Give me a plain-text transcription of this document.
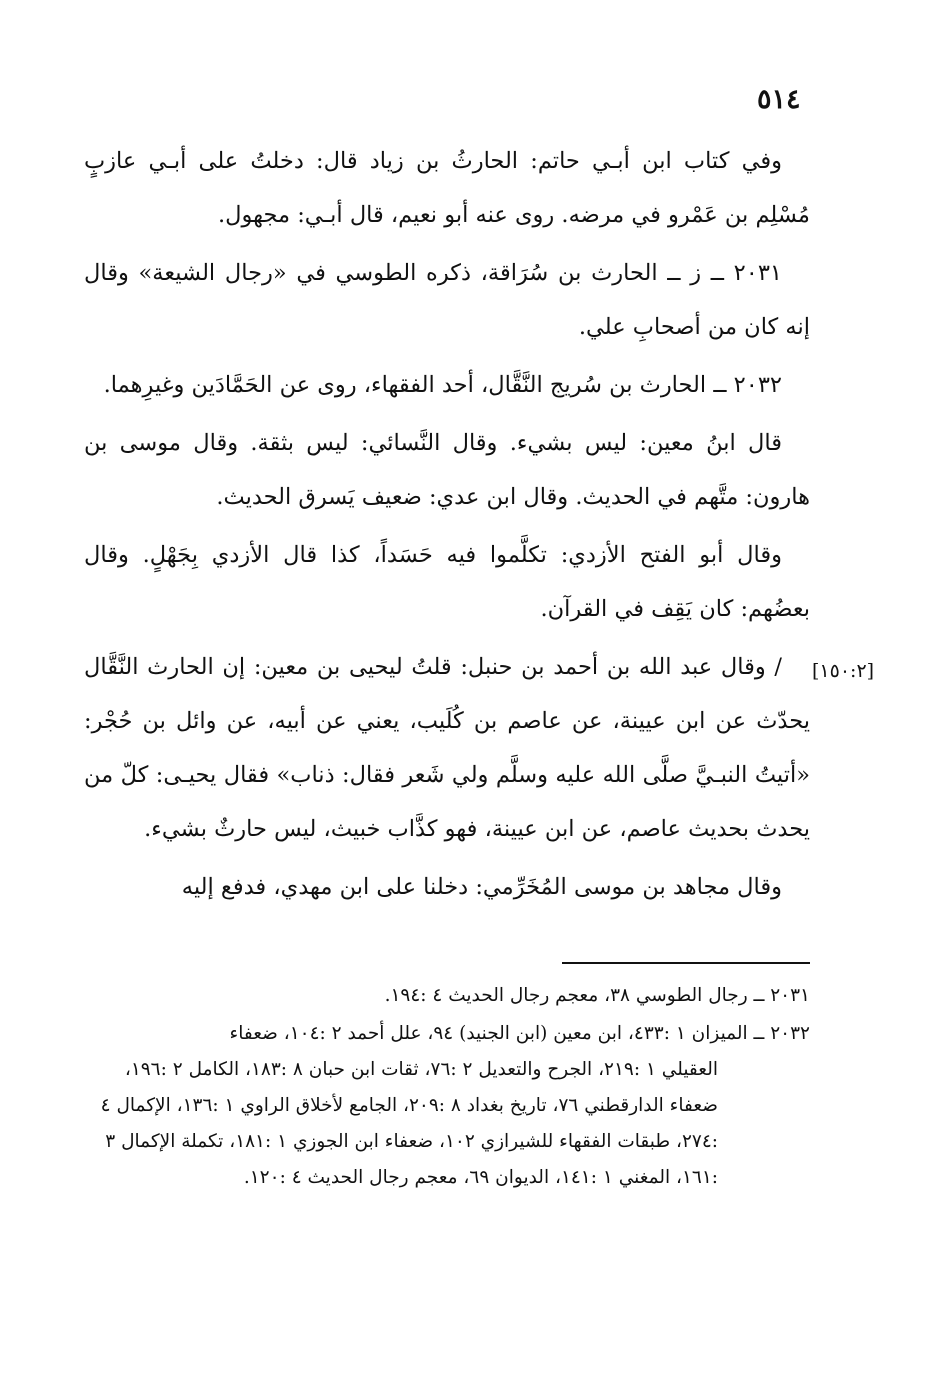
٥١٤
[١٥٠:٢]

وفي كتاب ابن أبـي حاتم: الحارثُ بن زياد قال: دخلتُ على أبـي عازبٍ مُسْلِم بن عَمْرو في مرضه. روى عنه أبو نعيم، قال أبـي: مجهول.

٢٠٣١ ــ ز ــ الحارث بن سُرَاقة، ذكره الطوسي في «رجال الشيعة» وقال إنه كان من أصحابِ علي.

٢٠٣٢ ــ الحارث بن سُريج النَّقَّال، أحد الفقهاء، روى عن الحَمَّادَين وغيرِهما.

قال ابنُ معين: ليس بشيء. وقال النَّسائي: ليس بثقة. وقال موسى بن هارون: متَّهم في الحديث. وقال ابن عدي: ضعيف يَسرق الحديث.

وقال أبو الفتح الأزدي: تكلَّموا فيه حَسَداً، كذا قال الأزدي بِجَهْلٍ. وقال بعضُهم: كان يَقِف في القرآن.

/ وقال عبد الله بن أحمد بن حنبل: قلتُ ليحيى بن معين: إن الحارث النَّقَّال يحدّث عن ابن عيينة، عن عاصم بن كُلَيب، يعني عن أبيه، عن وائل بن حُجْر: «أتيتُ النبـيَّ صلَّى الله عليه وسلَّم ولي شَعر فقال: ذناب» فقال يحيـى: كلّ من يحدث بحديث عاصم، عن ابن عيينة، فهو كذَّاب خبيث، ليس حارثٌ بشيء.

وقال مجاهد بن موسى المُخَرِّمي: دخلنا على ابن مهدي، فدفع إليه

٢٠٣١ ــ رجال الطوسي ٣٨، معجم رجال الحديث ٤ :١٩٤.
٢٠٣٢ ــ الميزان ١ :٤٣٣، ابن معين (ابن الجنيد) ٩٤، علل أحمد ٢ :١٠٤، ضعفاء
العقيلي ١ :٢١٩، الجرح والتعديل ٢ :٧٦، ثقات ابن حبان ٨ :١٨٣، الكامل ٢ :١٩٦، ضعفاء الدارقطني ٧٦، تاريخ بغداد ٨ :٢٠٩، الجامع لأخلاق الراوي ١ :١٣٦، الإكمال ٤ :٢٧٤، طبقات الفقهاء للشيرازي ١٠٢، ضعفاء ابن الجوزي ١ :١٨١، تكملة الإكمال ٣ :١٦١، المغني ١ :١٤١، الديوان ٦٩، معجم رجال الحديث ٤ :١٢٠.
